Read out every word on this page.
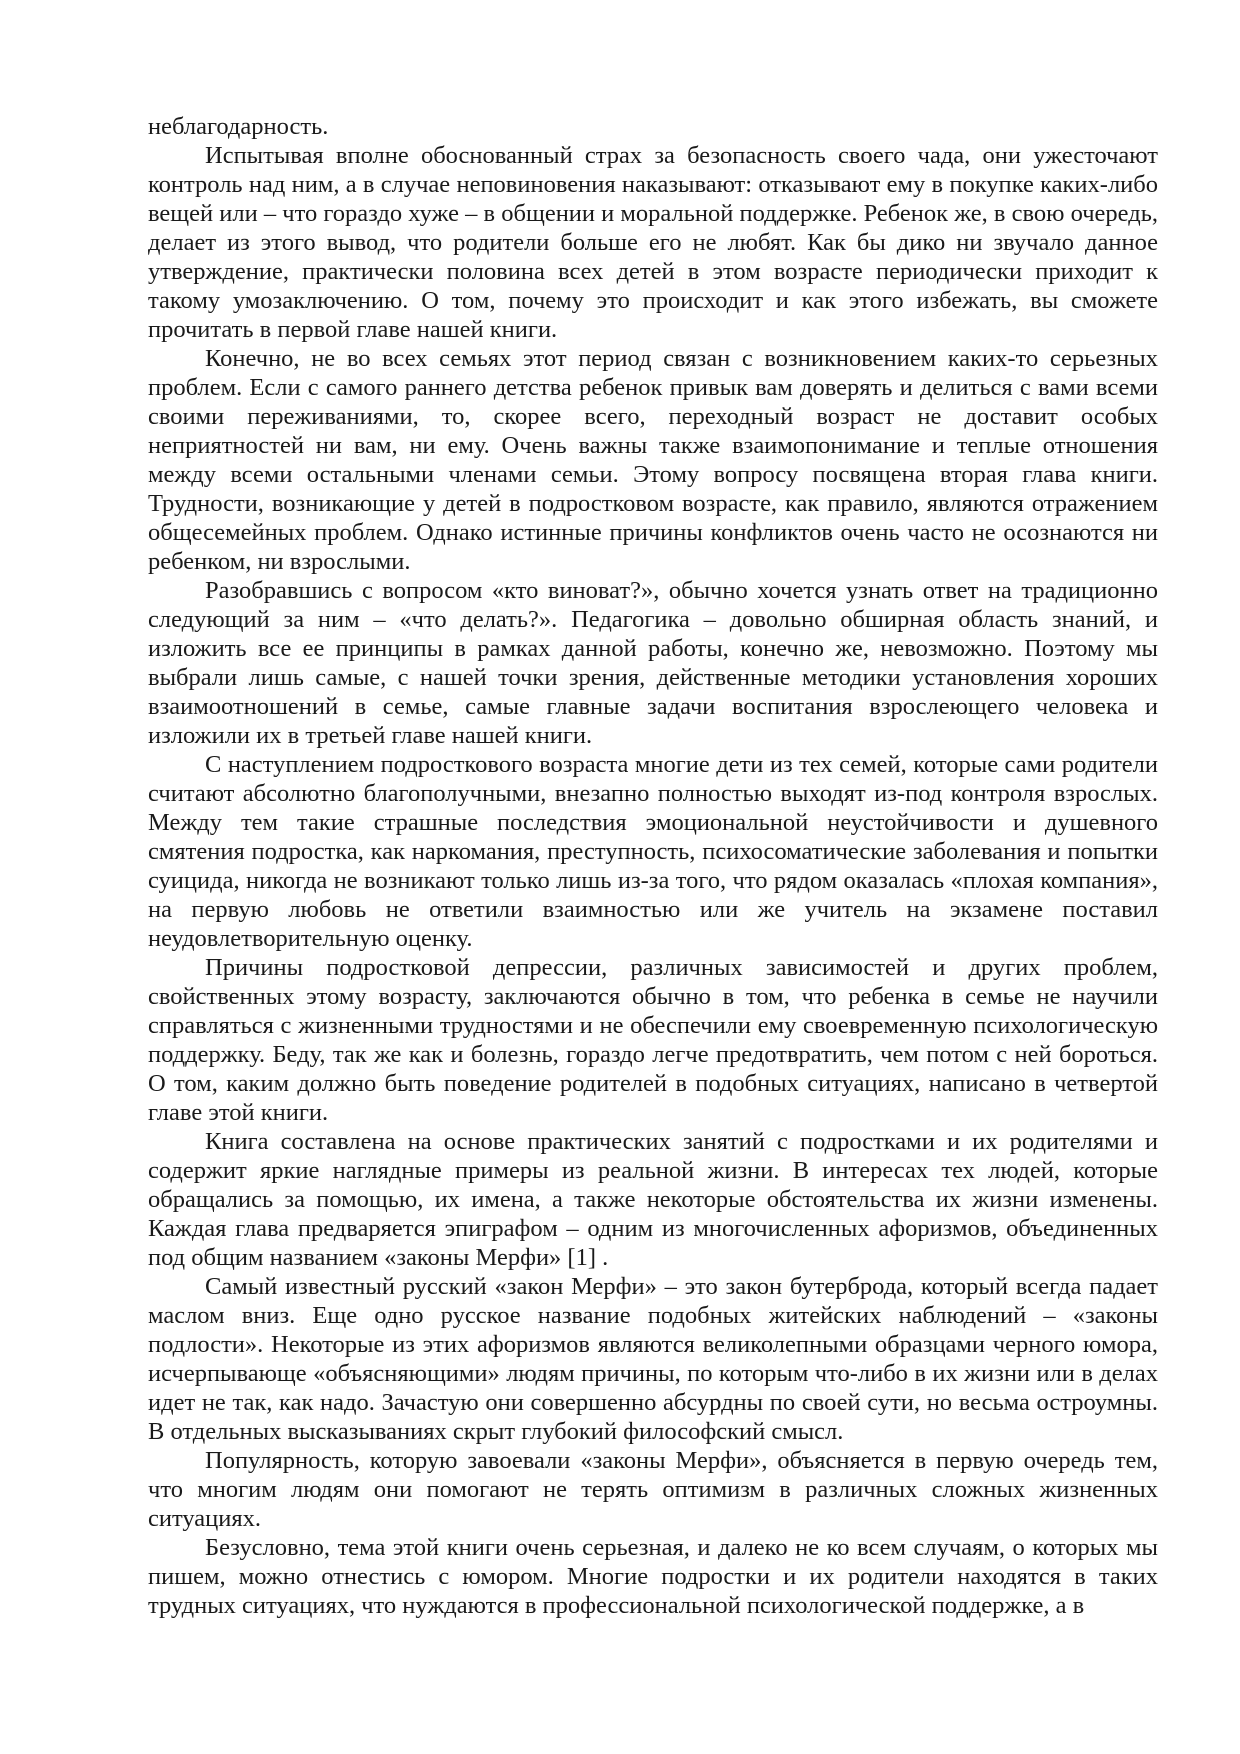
неблагодарность.

Испытывая вполне обоснованный страх за безопасность своего чада, они ужесточают контроль над ним, а в случае неповиновения наказывают: отказывают ему в покупке каких-либо вещей или – что гораздо хуже – в общении и моральной поддержке. Ребенок же, в свою очередь, делает из этого вывод, что родители больше его не любят. Как бы дико ни звучало данное утверждение, практически половина всех детей в этом возрасте периодически приходит к такому умозаключению. О том, почему это происходит и как этого избежать, вы сможете прочитать в первой главе нашей книги.

Конечно, не во всех семьях этот период связан с возникновением каких-то серьезных проблем. Если с самого раннего детства ребенок привык вам доверять и делиться с вами всеми своими переживаниями, то, скорее всего, переходный возраст не доставит особых неприятностей ни вам, ни ему. Очень важны также взаимопонимание и теплые отношения между всеми остальными членами семьи. Этому вопросу посвящена вторая глава книги. Трудности, возникающие у детей в подростковом возрасте, как правило, являются отражением общесемейных проблем. Однако истинные причины конфликтов очень часто не осознаются ни ребенком, ни взрослыми.

Разобравшись с вопросом «кто виноват?», обычно хочется узнать ответ на традиционно следующий за ним – «что делать?». Педагогика – довольно обширная область знаний, и изложить все ее принципы в рамках данной работы, конечно же, невозможно. Поэтому мы выбрали лишь самые, с нашей точки зрения, действенные методики установления хороших взаимоотношений в семье, самые главные задачи воспитания взрослеющего человека и изложили их в третьей главе нашей книги.

С наступлением подросткового возраста многие дети из тех семей, которые сами родители считают абсолютно благополучными, внезапно полностью выходят из-под контроля взрослых. Между тем такие страшные последствия эмоциональной неустойчивости и душевного смятения подростка, как наркомания, преступность, психосоматические заболевания и попытки суицида, никогда не возникают только лишь из-за того, что рядом оказалась «плохая компания», на первую любовь не ответили взаимностью или же учитель на экзамене поставил неудовлетворительную оценку.

Причины подростковой депрессии, различных зависимостей и других проблем, свойственных этому возрасту, заключаются обычно в том, что ребенка в семье не научили справляться с жизненными трудностями и не обеспечили ему своевременную психологическую поддержку. Беду, так же как и болезнь, гораздо легче предотвратить, чем потом с ней бороться. О том, каким должно быть поведение родителей в подобных ситуациях, написано в четвертой главе этой книги.

Книга составлена на основе практических занятий с подростками и их родителями и содержит яркие наглядные примеры из реальной жизни. В интересах тех людей, которые обращались за помощью, их имена, а также некоторые обстоятельства их жизни изменены. Каждая глава предваряется эпиграфом – одним из многочисленных афоризмов, объединенных под общим названием «законы Мерфи» [1] .

Самый известный русский «закон Мерфи» – это закон бутерброда, который всегда падает маслом вниз. Еще одно русское название подобных житейских наблюдений – «законы подлости». Некоторые из этих афоризмов являются великолепными образцами черного юмора, исчерпывающе «объясняющими» людям причины, по которым что-либо в их жизни или в делах идет не так, как надо. Зачастую они совершенно абсурдны по своей сути, но весьма остроумны. В отдельных высказываниях скрыт глубокий философский смысл.

Популярность, которую завоевали «законы Мерфи», объясняется в первую очередь тем, что многим людям они помогают не терять оптимизм в различных сложных жизненных ситуациях.

Безусловно, тема этой книги очень серьезная, и далеко не ко всем случаям, о которых мы пишем, можно отнестись с юмором. Многие подростки и их родители находятся в таких трудных ситуациях, что нуждаются в профессиональной психологической поддержке, а в
